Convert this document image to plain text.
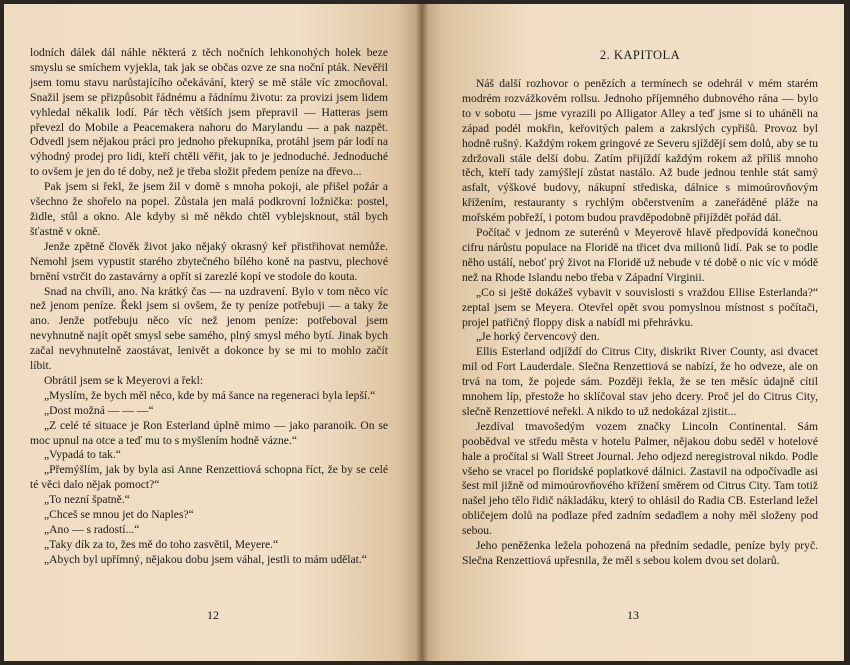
lodních dálek dál náhle některá z těch nočních lehkonohých holek beze smyslu se smíchem vyjekla, tak jak se občas ozve ze sna noční pták. Nevěřil jsem tomu stavu narůstajícího očekávání, který se mě stále víc zmocňoval. Snažil jsem se přizpůsobit řádnému a řádnímu životu: za provizi jsem lidem vyhledal někalik lodí. Pár těch větších jsem přepravil — Hatteras jsem převezl do Mobile a Peacemakera nahoru do Marylandu — a pak nazpět. Odvedl jsem nějakou práci pro jednoho překupníka, protáhl jsem pár lodí na výhodný prodej pro lidi, kteří chtěli věřit, jak to je jednoduché. Jednoduché to ovšem je jen do té doby, než je třeba složit předem peníze na dřevo...

Pak jsem si řekl, že jsem žil v domě s mnoha pokoji, ale přišel požár a všechno že shořelo na popel. Zůstala jen malá podkrovní ložnička: postel, židle, stůl a okno. Ale kdyby si mě někdo chtěl vyblejsknout, stál bych šťastně v okně.

Jenže zpětně člověk život jako nějaký okrasný keř přistřihovat nemůže. Nemohl jsem vypustit starého zbytečného bílého koně na pastvu, plechové brnění vstrčit do zastavárny a opřít si zarezlé kopí ve stodole do kouta.

Snad na chvíli, ano. Na krátký čas — na uzdravení. Bylo v tom něco víc než jenom peníze. Řekl jsem si ovšem, že ty peníze potřebuji — a taky že ano. Jenže potřebuju něco víc než jenom peníze: potřeboval jsem nevyhnutně najít opět smysl sebe samého, plný smysl mého bytí. Jinak bych začal nevyhnutelně zaostávat, lenivět a dokonce by se mi to mohlo začít líbit.

Obrátil jsem se k Meyerovi a řekl:

„Myslím, že bych měl něco, kde by má šance na regeneraci byla lepší.“

„Dost možná — — —“

„Z celé té situace je Ron Esterland úplně mimo — jako paranoik. On se moc upnul na otce a teď mu to s myšlením hodně vázne.“

„Vypadá to tak.“

„Přemýšlím, jak by byla asi Anne Renzettiová schopna říct, že by se celé té věci dalo nějak pomoct?“

„To nezní špatně.“

„Chceš se mnou jet do Naples?“

„Ano — s radostí...“

„Taky dík za to, žes mě do toho zasvětil, Meyere.“

„Abych byl upřímný, nějakou dobu jsem váhal, jestli to mám udělat.“

12
2. KAPITOLA

Náš další rozhovor o penězích a termínech se odehrál v mém starém modrém rozvážkovém rollsu. Jednoho příjemného dubnového rána — bylo to v sobotu — jsme vyrazili po Alligator Alley a teď jsme si to uháněli na západ podél mokřin, keřovitých palem a zakrslých cypřišů. Provoz byl hodně rušný. Každým rokem gringové ze Severu sjíždějí sem dolů, aby se tu zdržovali stále delší dobu. Zatím přijíždí každým rokem až příliš mnoho těch, kteří tady zamýšlejí zůstat nastálo. Až bude jednou tenhle stát samý asfalt, výškové budovy, nákupní střediska, dálnice s mimoúrovňovým křížením, restauranty s rychlým občerstvením a zaneřáděné pláže na mořském pobřeží, i potom budou pravděpodobně přijíždět pořád dál.

Počítač v jednom ze suterénů v Meyerově hlavě předpovídá konečnou cifru nárůstu populace na Floridě na třicet dva milionů lidí. Pak se to podle něho ustálí, neboť prý život na Floridě už nebude v té době o nic víc v módě než na Rhode Islandu nebo třeba v Západní Virginii.

„Co si ještě dokážeš vybavit v souvislosti s vraždou Ellise Esterlanda?“ zeptal jsem se Meyera. Otevřel opět svou pomyslnou místnost s počítači, projel patřičný floppy disk a nabídl mi přehrávku.

„Je horký červencový den.

Ellis Esterland odjíždí do Citrus City, diskrikt River County, asi dvacet mil od Fort Lauderdale. Slečna Renzettiová se nabízí, že ho odveze, ale on trvá na tom, že pojede sám. Později řekla, že se ten měsíc údajně cítil mnohem líp, přestože ho sklíčoval stav jeho dcery. Proč jel do Citrus City, slečně Renzettiové neřekl. A nikdo to už nedokázal zjistit...

Jezdíval tmavošedým vozem značky Lincoln Continental. Sám poobědval ve středu města v hotelu Palmer, nějakou dobu seděl v hotelové hale a pročítal si Wall Street Journal. Jeho odjezd neregistroval nikdo. Podle všeho se vracel po floridské poplatkové dálnici. Zastavil na odpočívadle asi šest mil jižně od mimoúrovňového křížení směrem od Citrus City. Tam totiž našel jeho tělo řidič nákladáku, který to ohlásil do Radia CB. Esterland ležel obličejem dolů na podlaze před zadním sedadlem a nohy měl složeny pod sebou.

Jeho peněženka ležela pohozená na předním sedadle, peníze byly pryč. Slečna Renzettiová upřesnila, že měl s sebou kolem dvou set dolarů.

13
